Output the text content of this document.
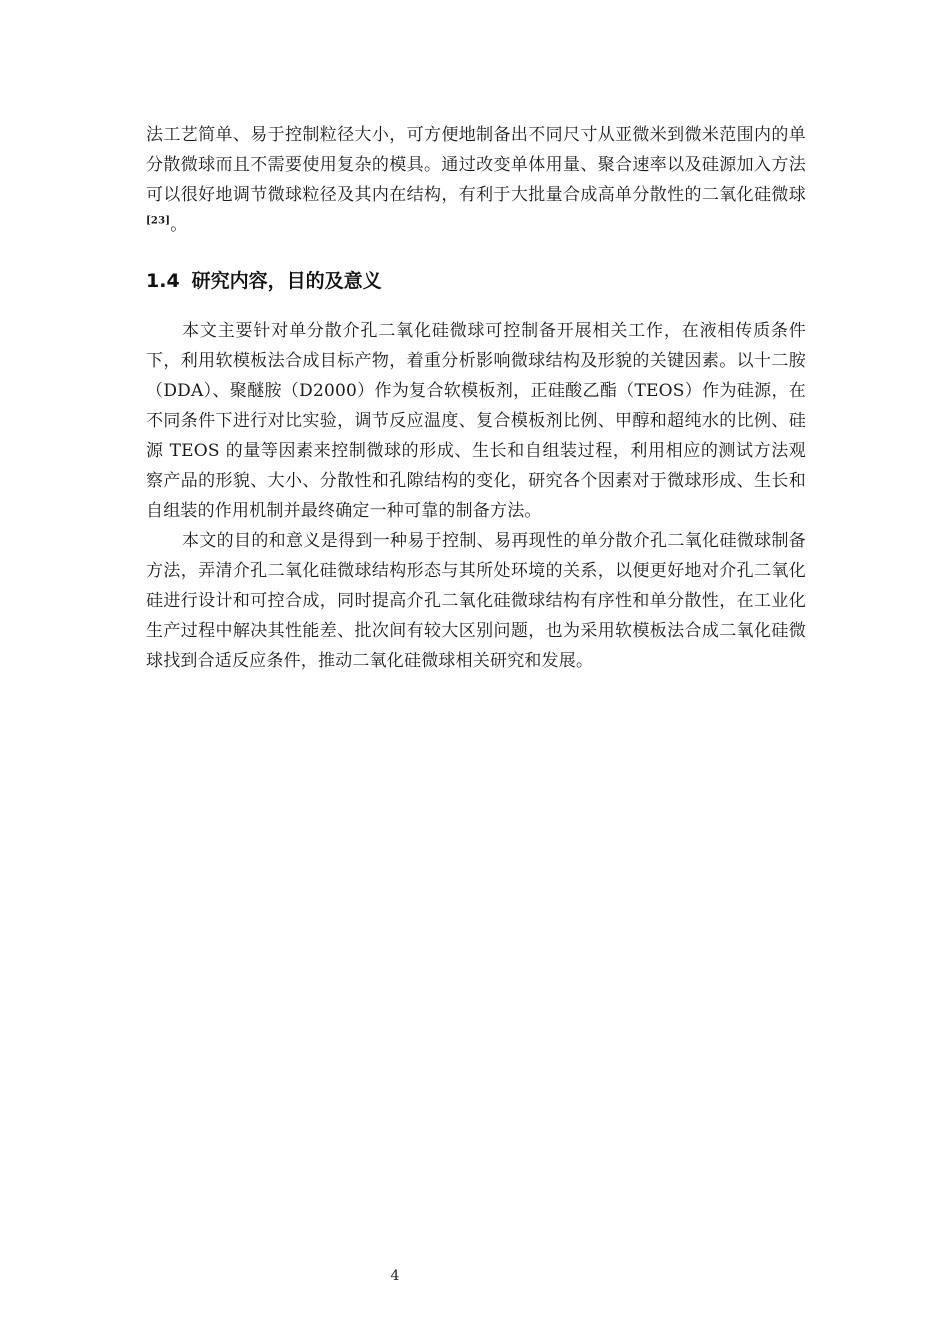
法工艺简单、易于控制粒径大小，可方便地制备出不同尺寸从亚微米到微米范围内的单分散微球而且不需要使用复杂的模具。通过改变单体用量、聚合速率以及硅源加入方法可以很好地调节微球粒径及其内在结构，有利于大批量合成高单分散性的二氧化硅微球[23]。

1.4 研究内容，目的及意义

本文主要针对单分散介孔二氧化硅微球可控制备开展相关工作，在液相传质条件下，利用软模板法合成目标产物，着重分析影响微球结构及形貌的关键因素。以十二胺（DDA）、聚醚胺（D2000）作为复合软模板剂，正硅酸乙酯（TEOS）作为硅源，在不同条件下进行对比实验，调节反应温度、复合模板剂比例、甲醇和超纯水的比例、硅源 TEOS 的量等因素来控制微球的形成、生长和自组装过程，利用相应的测试方法观察产品的形貌、大小、分散性和孔隙结构的变化，研究各个因素对于微球形成、生长和自组装的作用机制并最终确定一种可靠的制备方法。

本文的目的和意义是得到一种易于控制、易再现性的单分散介孔二氧化硅微球制备方法，弄清介孔二氧化硅微球结构形态与其所处环境的关系，以便更好地对介孔二氧化硅进行设计和可控合成，同时提高介孔二氧化硅微球结构有序性和单分散性，在工业化生产过程中解决其性能差、批次间有较大区别问题，也为采用软模板法合成二氧化硅微球找到合适反应条件，推动二氧化硅微球相关研究和发展。

4
